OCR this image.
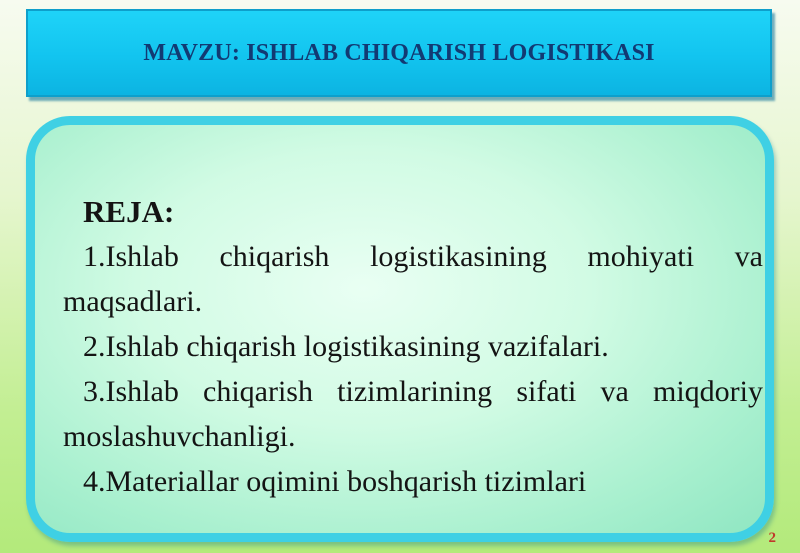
MAVZU: ISHLAB CHIQARISH LOGISTIKASI

REJA:

1.Ishlab chiqarish logistikasining mohiyati va maqsadlari.

2.Ishlab chiqarish logistikasining vazifalari.

3.Ishlab chiqarish tizimlarining sifati va miqdoriy moslashuvchanligi.

4.Materiallar oqimini boshqarish tizimlari

2
